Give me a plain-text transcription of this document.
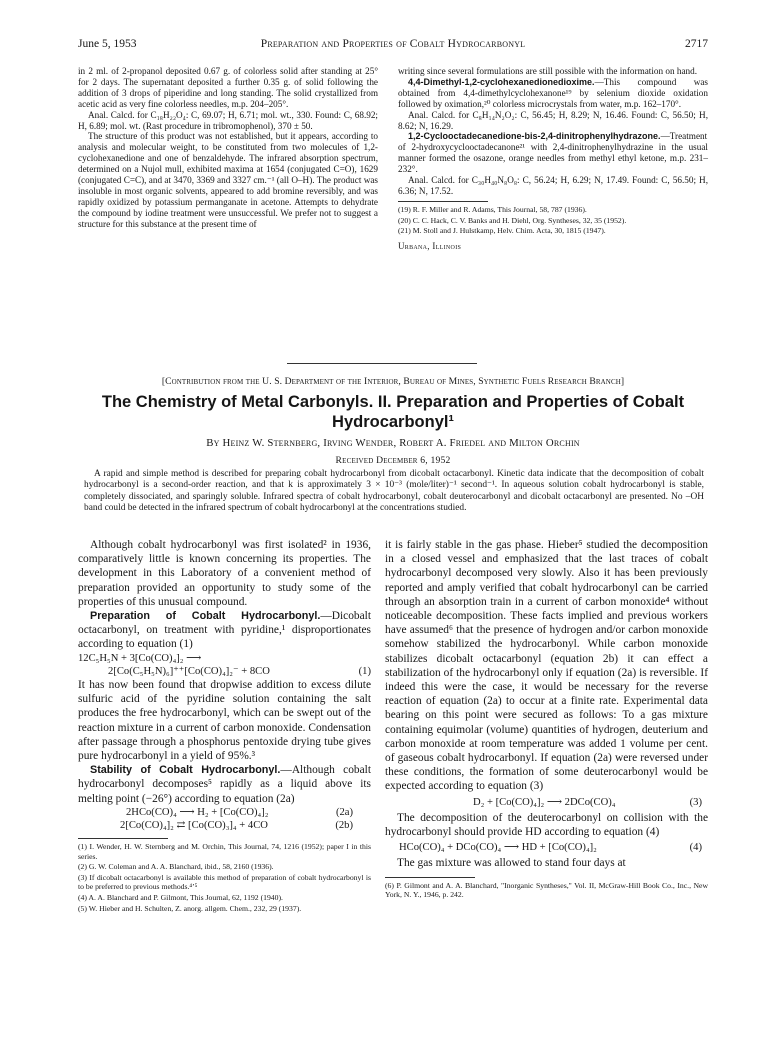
June 5, 1953	Preparation and Properties of Cobalt Hydrocarbonyl	2717

in 2 ml. of 2-propanol deposited 0.67 g. of colorless solid after standing at 25° for 2 days. The supernatant deposited a further 0.35 g. of solid following the addition of 3 drops of piperidine and long standing. The solid crystallized from acetic acid as very fine colorless needles, m.p. 204–205°.

Anal. Calcd. for C₁₈H₂₂O₄: C, 69.07; H, 6.71; mol. wt., 330. Found: C, 68.92; H, 6.89; mol. wt. (Rast procedure in tribromophenol), 370 ± 50.

The structure of this product was not established, but it appears, according to analysis and molecular weight, to be constituted from two molecules of 1,2-cyclohexanedione and one of benzaldehyde. The infrared absorption spectrum, determined on a Nujol mull, exhibited maxima at 1654 (conjugated C=O), 1629 (conjugated C=C), and at 3470, 3369 and 3327 cm.⁻¹ (all O–H). The product was insoluble in most organic solvents, appeared to add bromine reversibly, and was rapidly oxidized by potassium permanganate in acetone. Attempts to dehydrate the compound by iodine treatment were unsuccessful. We prefer not to suggest a structure for this substance at the present time of

writing since several formulations are still possible with the information on hand.

4,4-Dimethyl-1,2-cyclohexanedionedioxime.—This compound was obtained from 4,4-dimethylcyclohexanone¹⁹ by selenium dioxide oxidation followed by oximation,²⁰ colorless microcrystals from water, m.p. 162–170°.

Anal. Calcd. for C₈H₁₄N₂O₂: C, 56.45; H, 8.29; N, 16.46. Found: C, 56.50; H, 8.62; N, 16.29.

1,2-Cyclooctadecanedione-bis-2,4-dinitrophenylhydrazone.—Treatment of 2-hydroxycyclooctadecanone²¹ with 2,4-dinitrophenylhydrazine in the usual manner formed the osazone, orange needles from methyl ethyl ketone, m.p. 231–232°.

Anal. Calcd. for C₃₀H₄₀N₈O₈: C, 56.24; H, 6.29; N, 17.49. Found: C, 56.50; H, 6.36; N, 17.52.

(19) R. F. Miller and R. Adams, This Journal, 58, 787 (1936).
(20) C. C. Hack, C. V. Banks and H. Diehl, Org. Syntheses, 32, 35 (1952).
(21) M. Stoll and J. Hulstkamp, Helv. Chim. Acta, 30, 1815 (1947).
Urbana, Illinois
[Contribution from the U. S. Department of the Interior, Bureau of Mines, Synthetic Fuels Research Branch]
The Chemistry of Metal Carbonyls. II. Preparation and Properties of Cobalt Hydrocarbonyl¹
By Heinz W. Sternberg, Irving Wender, Robert A. Friedel and Milton Orchin
Received December 6, 1952
A rapid and simple method is described for preparing cobalt hydrocarbonyl from dicobalt octacarbonyl. Kinetic data indicate that the decomposition of cobalt hydrocarbonyl is a second-order reaction, and that k is approximately 3 × 10⁻³ (mole/liter)⁻¹ second⁻¹. In aqueous solution cobalt hydrocarbonyl is stable, completely dissociated, and sparingly soluble. Infrared spectra of cobalt hydrocarbonyl, cobalt deuterocarbonyl and dicobalt octacarbonyl are presented. No –OH band could be detected in the infrared spectrum of cobalt hydrocarbonyl at the concentrations studied.

Although cobalt hydrocarbonyl was first isolated² in 1936, comparatively little is known concerning its properties. The development in this Laboratory of a convenient method of preparation provided an opportunity to study some of the properties of this unusual compound.

Preparation of Cobalt Hydrocarbonyl.—Dicobalt octacarbonyl, on treatment with pyridine,¹ disproportionates according to equation (1)

12C₅H₅N + 3[Co(CO)₄]₂ ⟶
2[Co(C₅H₅N)₆]⁺⁺[Co(CO)₄]₂⁻ + 8CO	(1)

It has now been found that dropwise addition to excess dilute sulfuric acid of the pyridine solution containing the salt produces the free hydrocarbonyl, which can be swept out of the reaction mixture in a current of carbon monoxide. Condensation after passage through a phosphorus pentoxide drying tube gives pure hydrocarbonyl in a yield of 95%.³

Stability of Cobalt Hydrocarbonyl.—Although cobalt hydrocarbonyl decomposes⁵ rapidly as a liquid above its melting point (−26°) according to equation (2a)

2HCo(CO)₄ ⟶ H₂ + [Co(CO)₄]₂	(2a)
2[Co(CO)₄]₂ ⇄ [Co(CO)₃]₄ + 4CO	(2b)
(1) I. Wender, H. W. Sternberg and M. Orchin, This Journal, 74, 1216 (1952); paper I in this series.
(2) G. W. Coleman and A. A. Blanchard, ibid., 58, 2160 (1936).
(3) If dicobalt octacarbonyl is available this method of preparation of cobalt hydrocarbonyl is to be preferred to previous methods.⁴ʼ⁵
(4) A. A. Blanchard and P. Gilmont, This Journal, 62, 1192 (1940).
(5) W. Hieber and H. Schulten, Z. anorg. allgem. Chem., 232, 29 (1937).

it is fairly stable in the gas phase. Hieber⁵ studied the decomposition in a closed vessel and emphasized that the last traces of cobalt hydrocarbonyl decomposed very slowly. Also it has been previously reported and amply verified that cobalt hydrocarbonyl can be carried through an absorption train in a current of carbon monoxide⁴ without noticeable decomposition. These facts implied and previous workers have assumed⁶ that the presence of hydrogen and/or carbon monoxide somehow stabilized the hydrocarbonyl. While carbon monoxide stabilizes dicobalt octacarbonyl (equation 2b) it can effect a stabilization of the hydrocarbonyl only if equation (2a) is reversible. If indeed this were the case, it would be necessary for the reverse reaction of equation (2a) to occur at a finite rate. Experimental data bearing on this point were secured as follows: To a gas mixture containing equimolar (volume) quantities of hydrogen, deuterium and carbon monoxide at room temperature was added 1 volume per cent. of gaseous cobalt hydrocarbonyl. If equation (2a) were reversed under these conditions, the formation of some deuterocarbonyl would be expected according to equation (3)

D₂ + [Co(CO)₄]₂ ⟶ 2DCo(CO)₄	(3)

The decomposition of the deuterocarbonyl on collision with the hydrocarbonyl should provide HD according to equation (4)

HCo(CO)₄ + DCo(CO)₄ ⟶ HD + [Co(CO)₄]₂	(4)

The gas mixture was allowed to stand four days at

(6) P. Gilmont and A. A. Blanchard, "Inorganic Syntheses," Vol. II, McGraw-Hill Book Co., Inc., New York, N. Y., 1946, p. 242.
